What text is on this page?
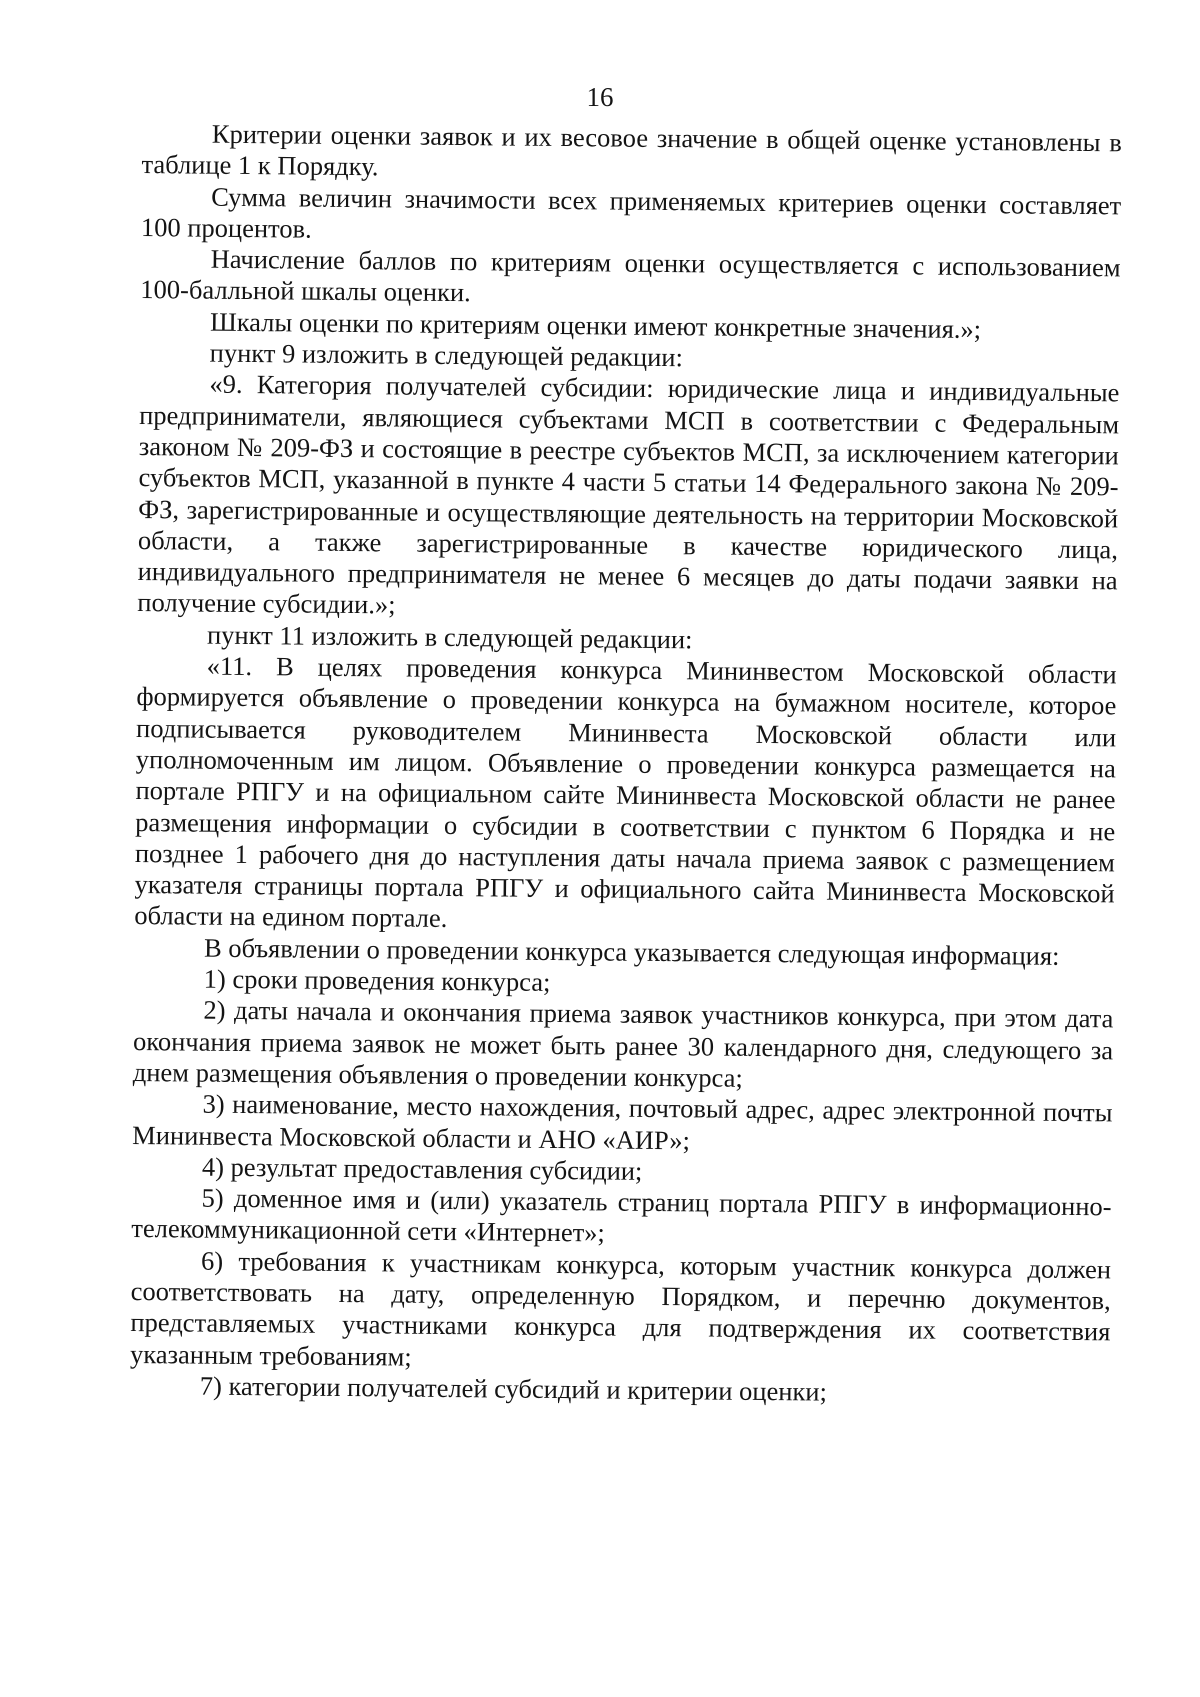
16

Критерии оценки заявок и их весовое значение в общей оценке установлены в таблице 1 к Порядку.

Сумма величин значимости всех применяемых критериев оценки составляет 100 процентов.

Начисление баллов по критериям оценки осуществляется с использованием 100-балльной шкалы оценки.

Шкалы оценки по критериям оценки имеют конкретные значения.»;

пункт 9 изложить в следующей редакции:

«9. Категория получателей субсидии: юридические лица и индивидуальные предприниматели, являющиеся субъектами МСП в соответствии с Федеральным законом № 209-ФЗ и состоящие в реестре субъектов МСП, за исключением категории субъектов МСП, указанной в пункте 4 части 5 статьи 14 Федерального закона № 209-ФЗ, зарегистрированные и осуществляющие деятельность на территории Московской области, а также зарегистрированные в качестве юридического лица, индивидуального предпринимателя не менее 6 месяцев до даты подачи заявки на получение субсидии.»;

пункт 11 изложить в следующей редакции:

«11. В целях проведения конкурса Мининвестом Московской области формируется объявление о проведении конкурса на бумажном носителе, которое подписывается руководителем Мининвеста Московской области или уполномоченным им лицом. Объявление о проведении конкурса размещается на портале РПГУ и на официальном сайте Мининвеста Московской области не ранее размещения информации о субсидии в соответствии с пунктом 6 Порядка и не позднее 1 рабочего дня до наступления даты начала приема заявок с размещением указателя страницы портала РПГУ и официального сайта Мининвеста Московской области на едином портале.

В объявлении о проведении конкурса указывается следующая информация:

1) сроки проведения конкурса;

2) даты начала и окончания приема заявок участников конкурса, при этом дата окончания приема заявок не может быть ранее 30 календарного дня, следующего за днем размещения объявления о проведении конкурса;

3) наименование, место нахождения, почтовый адрес, адрес электронной почты Мининвеста Московской области и АНО «АИР»;

4) результат предоставления субсидии;

5) доменное имя и (или) указатель страниц портала РПГУ в информационно-телекоммуникационной сети «Интернет»;

6) требования к участникам конкурса, которым участник конкурса должен соответствовать на дату, определенную Порядком, и перечню документов, представляемых участниками конкурса для подтверждения их соответствия указанным требованиям;

7) категории получателей субсидий и критерии оценки;
